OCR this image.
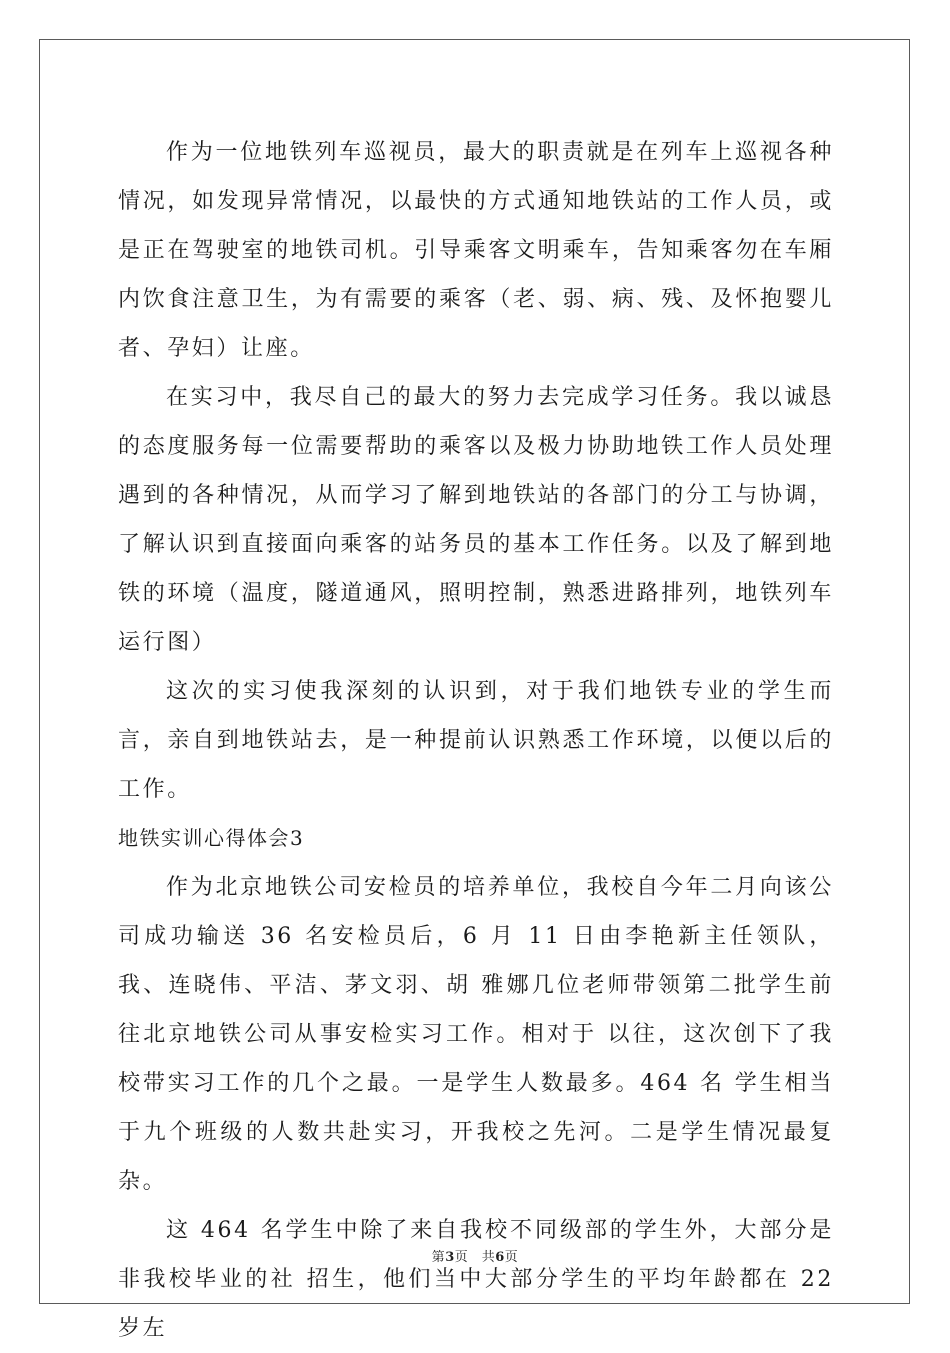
作为一位地铁列车巡视员，最大的职责就是在列车上巡视各种情况，如发现异常情况，以最快的方式通知地铁站的工作人员，或是正在驾驶室的地铁司机。引导乘客文明乘车，告知乘客勿在车厢内饮食注意卫生，为有需要的乘客（老、弱、病、残、及怀抱婴儿者、孕妇）让座。

在实习中，我尽自己的最大的努力去完成学习任务。我以诚恳的态度服务每一位需要帮助的乘客以及极力协助地铁工作人员处理遇到的各种情况，从而学习了解到地铁站的各部门的分工与协调，了解认识到直接面向乘客的站务员的基本工作任务。以及了解到地铁的环境（温度，隧道通风，照明控制，熟悉进路排列，地铁列车运行图）

这次的实习使我深刻的认识到，对于我们地铁专业的学生而言，亲自到地铁站去，是一种提前认识熟悉工作环境，以便以后的工作。

地铁实训心得体会3

作为北京地铁公司安检员的培养单位，我校自今年二月向该公司成功输送 36 名安检员后，6 月 11 日由李艳新主任领队，我、连晓伟、平洁、茅文羽、胡 雅娜几位老师带领第二批学生前往北京地铁公司从事安检实习工作。相对于 以往，这次创下了我校带实习工作的几个之最。一是学生人数最多。464 名 学生相当于九个班级的人数共赴实习，开我校之先河。二是学生情况最复杂。

这 464 名学生中除了来自我校不同级部的学生外，大部分是非我校毕业的社 招生，他们当中大部分学生的平均年龄都在 22 岁左

第3页　共6页
